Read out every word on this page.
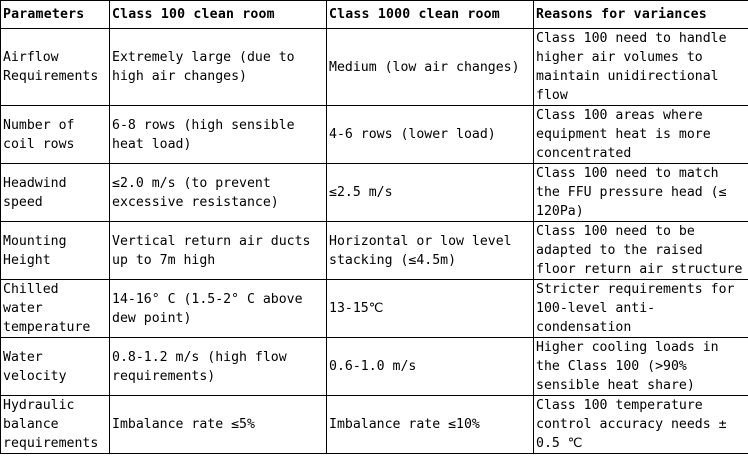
Parameters	Class 100 clean room	Class 1000 clean room	Reasons for variances
Airflow Requirements	Extremely large (due to high air changes)	Medium (low air changes)	Class 100 need to handle higher air volumes to maintain unidirectional flow
Number of coil rows	6-8 rows (high sensible heat load)	4-6 rows (lower load)	Class 100 areas where equipment heat is more concentrated
Headwind speed	≤2.0 m/s (to prevent excessive resistance)	≤2.5 m/s	Class 100 need to match the FFU pressure head (≤ 120Pa)
Mounting Height	Vertical return air ducts up to 7m high	Horizontal or low level stacking (≤4.5m)	Class 100 need to be adapted to the raised floor return air structure
Chilled water temperature	14-16° C (1.5-2° C above dew point)	13-15℃	Stricter requirements for 100-level anti-condensation
Water velocity	0.8-1.2 m/s (high flow requirements)	0.6-1.0 m/s	Higher cooling loads in the Class 100 (>90% sensible heat share)
Hydraulic balance requirements	Imbalance rate ≤5%	Imbalance rate ≤10%	Class 100 temperature control accuracy needs ± 0.5 ℃
